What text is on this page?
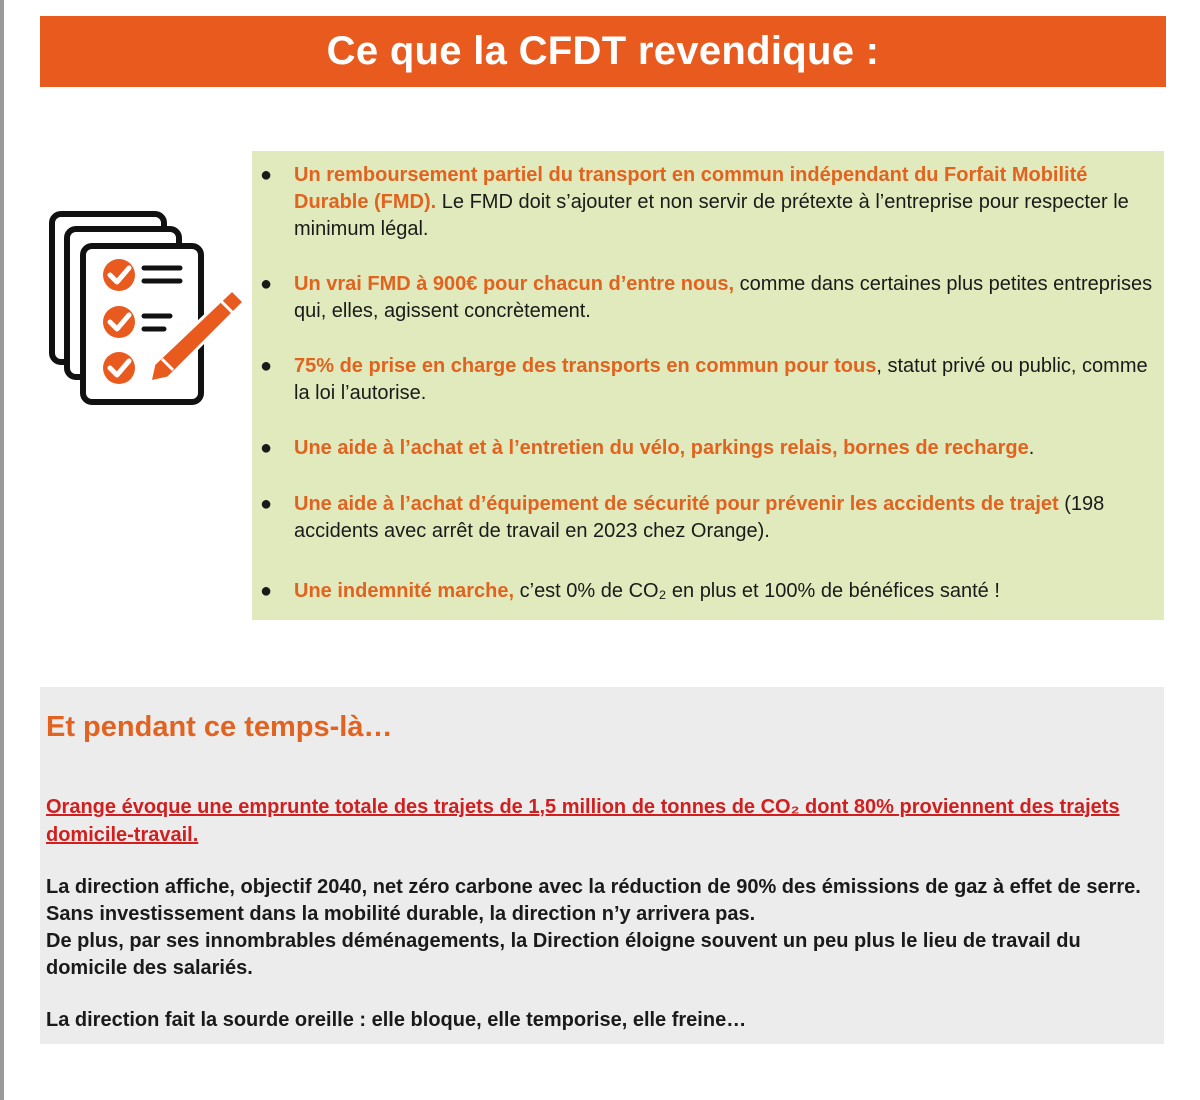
Ce que la CFDT revendique :
● Un remboursement partiel du transport en commun indépendant du Forfait Mobilité Durable (FMD). Le FMD doit s’ajouter et non servir de prétexte à l’entreprise pour respecter le minimum légal.
● Un vrai FMD à 900€ pour chacun d’entre nous, comme dans certaines plus petites entreprises qui, elles, agissent concrètement.
● 75% de prise en charge des transports en commun pour tous, statut privé ou public, comme la loi l’autorise.
● Une aide à l’achat et à l’entretien du vélo, parkings relais, bornes de recharge.
● Une aide à l’achat d’équipement de sécurité pour prévenir les accidents de trajet (198 accidents avec arrêt de travail en 2023 chez Orange).
● Une indemnité marche, c’est 0% de CO₂ en plus et 100% de bénéfices santé !
Et pendant ce temps-là…
Orange évoque une emprunte totale des trajets de 1,5 million de tonnes de CO₂ dont 80% proviennent des trajets domicile-travail.
La direction affiche, objectif 2040, net zéro carbone avec la réduction de 90% des émissions de gaz à effet de serre. Sans investissement dans la mobilité durable, la direction n’y arrivera pas.
De plus, par ses innombrables déménagements, la Direction éloigne souvent un peu plus le lieu de travail du domicile des salariés.
La direction fait la sourde oreille : elle bloque, elle temporise, elle freine…
